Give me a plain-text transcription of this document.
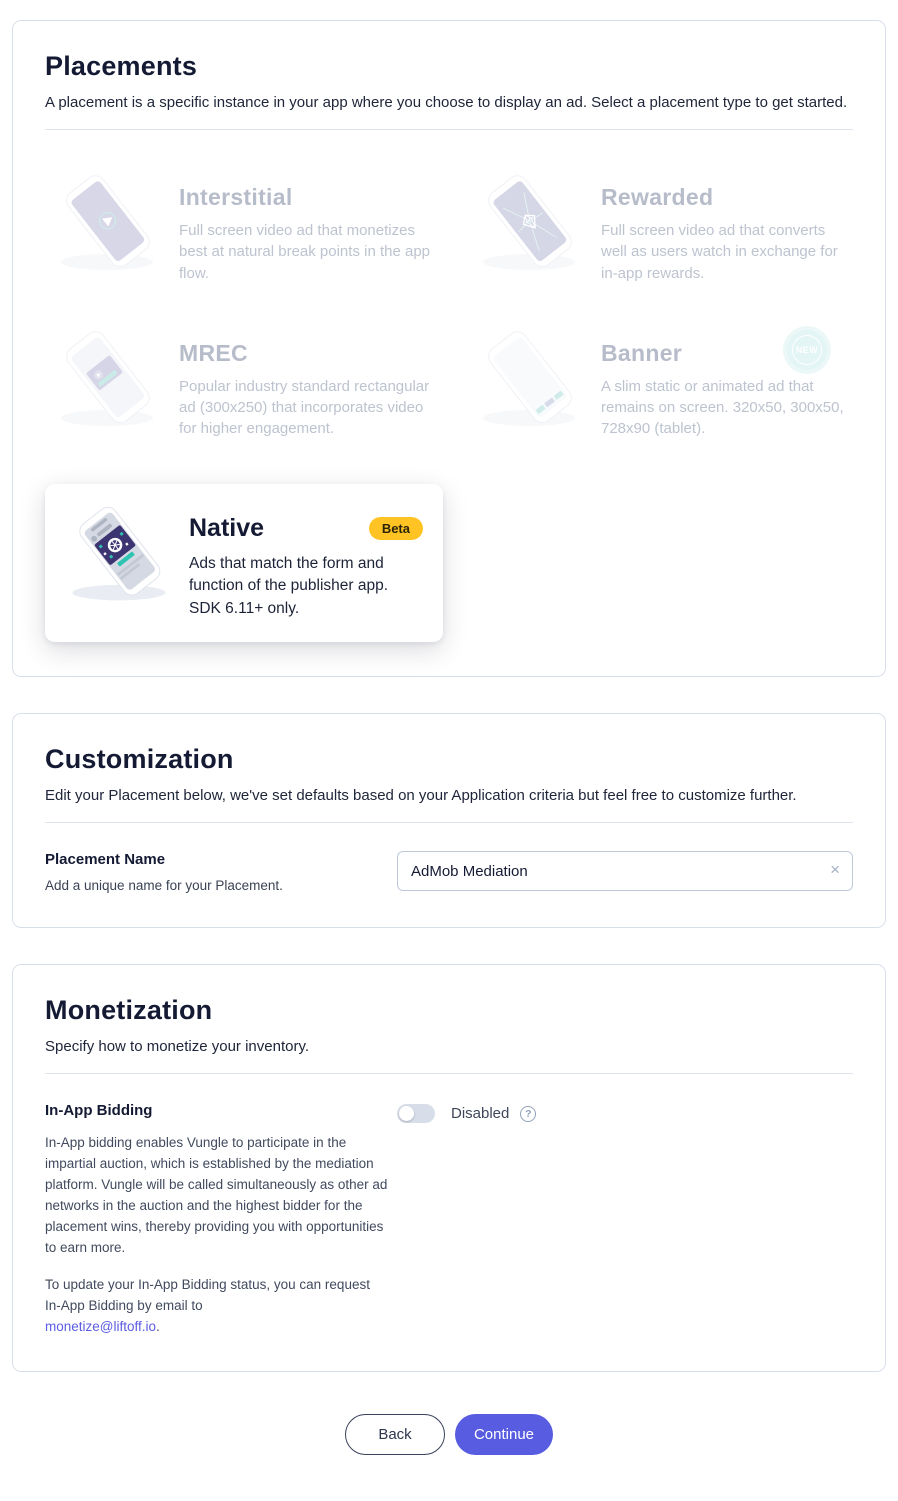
Placements

A placement is a specific instance in your app where you choose to display an ad. Select a placement type to get started.

Interstitial
Full screen video ad that monetizes best at natural break points in the app flow.
Rewarded
Full screen video ad that converts well as users watch in exchange for in-app rewards.
MREC
Popular industry standard rectangular ad (300x250) that incorporates video for higher engagement.
Banner
A slim static or animated ad that remains on screen. 320x50, 300x50, 728x90 (tablet).
NEW
Native	Beta
Ads that match the form and function of the publisher app. SDK 6.11+ only.
Customization

Edit your Placement below, we've set defaults based on your Application criteria but feel free to customize further.

Placement Name
Add a unique name for your Placement.
AdMob Mediation
×
Monetization

Specify how to monetize your inventory.

In-App Bidding

In-App bidding enables Vungle to participate in the impartial auction, which is established by the mediation platform. Vungle will be called simultaneously as other ad networks in the auction and the highest bidder for the placement wins, thereby providing you with opportunities to earn more.

To update your In-App Bidding status, you can request In-App Bidding by email to
monetize@liftoff.io.

Disabled	?
Back	Continue
